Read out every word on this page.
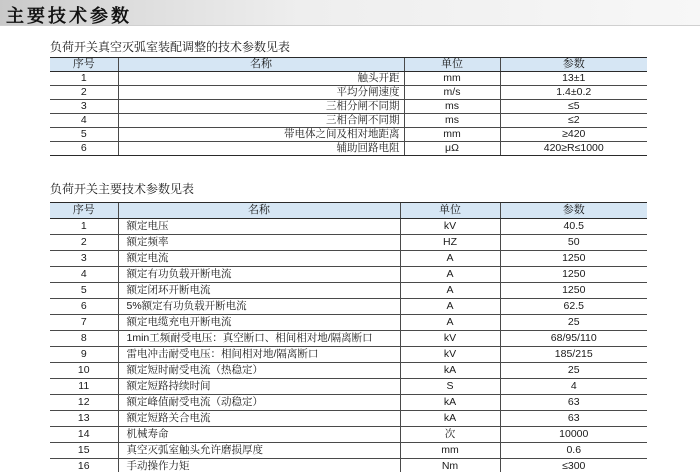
主要技术参数
负荷开关真空灭弧室装配调整的技术参数见表
序号	名称	单位	参数
1	触头开距	mm	13±1
2	平均分闸速度	m/s	1.4±0.2
3	三相分闸不同期	ms	≤5
4	三相合闸不同期	ms	≤2
5	带电体之间及相对地距离	mm	≥420
6	辅助回路电阻	μΩ	420≥R≤1000
负荷开关主要技术参数见表
序号	名称	单位	参数
1	额定电压	kV	40.5
2	额定频率	HZ	50
3	额定电流	A	1250
4	额定有功负载开断电流	A	1250
5	额定闭环开断电流	A	1250
6	5%额定有功负载开断电流	A	62.5
7	额定电缆充电开断电流	A	25
8	1min工频耐受电压：真空断口、相间相对地/隔离断口	kV	68/95/110
9	雷电冲击耐受电压：相间相对地/隔离断口	kV	185/215
10	额定短时耐受电流（热稳定）	kA	25
11	额定短路持续时间	S	4
12	额定峰值耐受电流（动稳定）	kA	63
13	额定短路关合电流	kA	63
14	机械寿命	次	10000
15	真空灭弧室触头允许磨损厚度	mm	0.6
16	手动操作力矩	Nm	≤300
